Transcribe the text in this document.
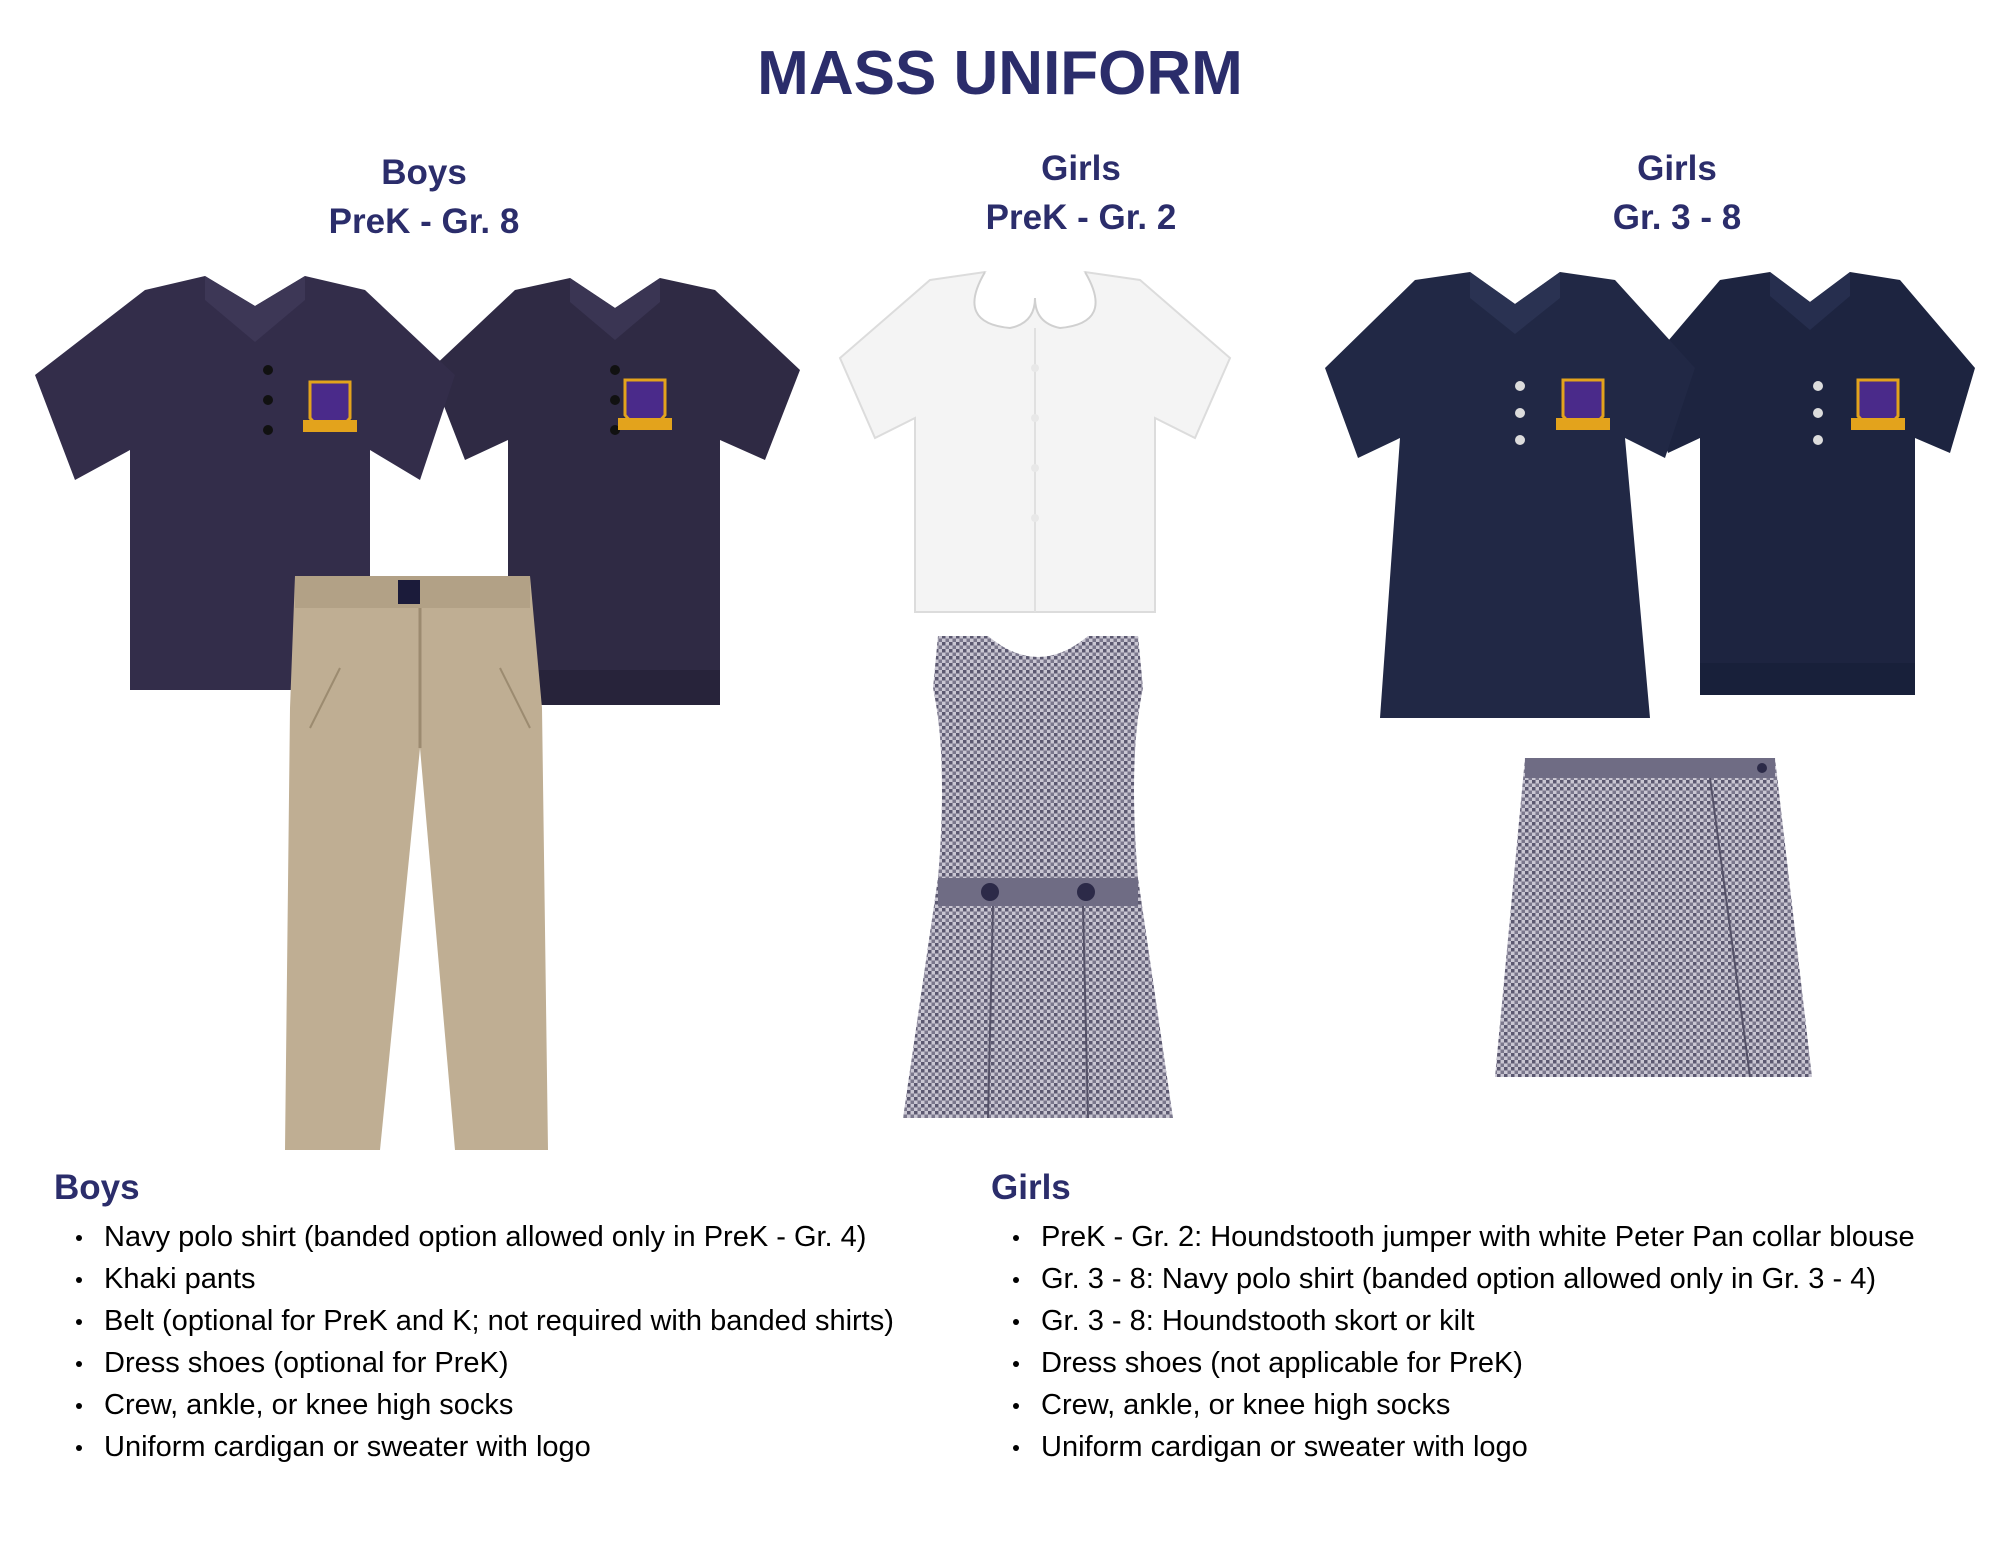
MASS UNIFORM
Boys
PreK - Gr. 8
Girls
PreK - Gr. 2
Girls
Gr. 3 - 8
Boys
Navy polo shirt (banded option allowed only in PreK - Gr. 4)
Khaki pants
Belt (optional for PreK and K; not required with banded shirts)
Dress shoes (optional for PreK)
Crew, ankle, or knee high socks
Uniform cardigan or sweater with logo
Girls
PreK - Gr. 2: Houndstooth jumper with white Peter Pan collar blouse
Gr. 3 - 8: Navy polo shirt (banded option allowed only in Gr. 3 - 4)
Gr. 3 - 8: Houndstooth skort or kilt
Dress shoes (not applicable for PreK)
Crew, ankle, or knee high socks
Uniform cardigan or sweater with logo
